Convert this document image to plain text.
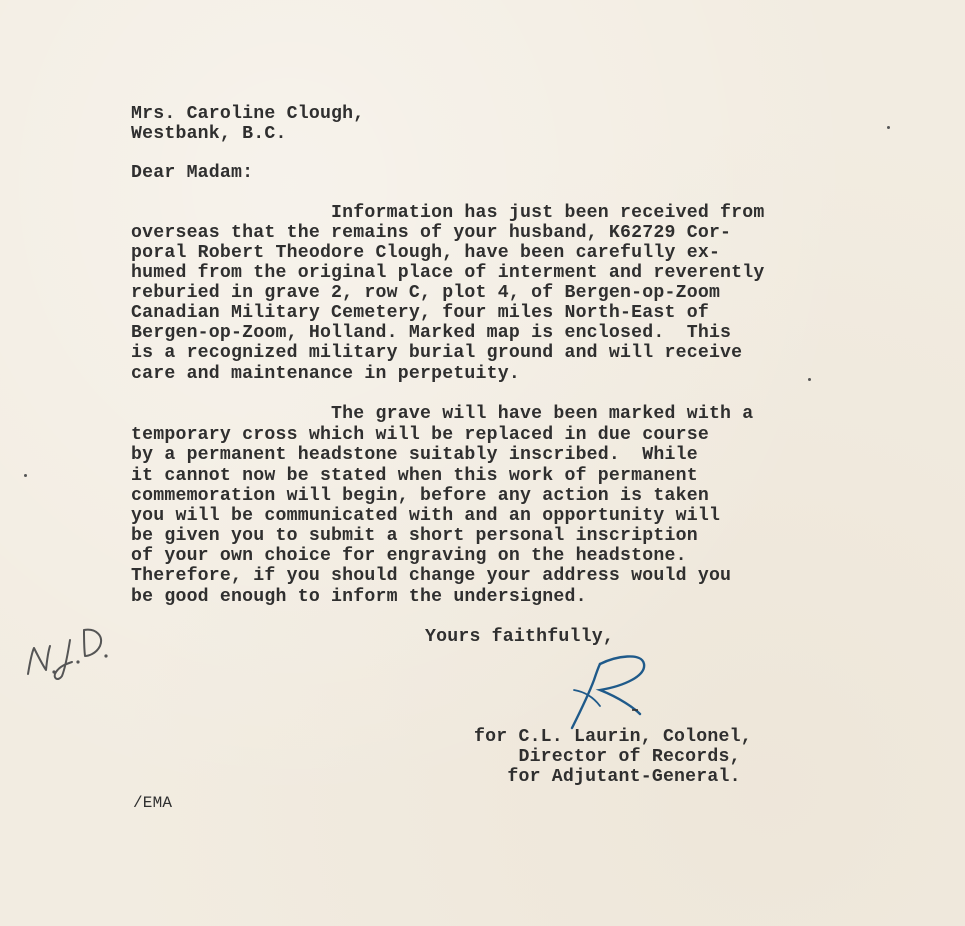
Mrs. Caroline Clough,
Westbank, B.C.
Dear Madam:
Information has just been received from
overseas that the remains of your husband, K62729 Cor-
poral Robert Theodore Clough, have been carefully ex-
humed from the original place of interment and reverently
reburied in grave 2, row C, plot 4, of Bergen-op-Zoom
Canadian Military Cemetery, four miles North-East of
Bergen-op-Zoom, Holland. Marked map is enclosed.  This
is a recognized military burial ground and will receive
care and maintenance in perpetuity.
The grave will have been marked with a
temporary cross which will be replaced in due course
by a permanent headstone suitably inscribed.  While
it cannot now be stated when this work of permanent
commemoration will begin, before any action is taken
you will be communicated with and an opportunity will
be given you to submit a short personal inscription
of your own choice for engraving on the headstone.
Therefore, if you should change your address would you
be good enough to inform the undersigned.
Yours faithfully,
for C.L. Laurin, Colonel,
Director of Records,
for Adjutant-General.
/EMA
